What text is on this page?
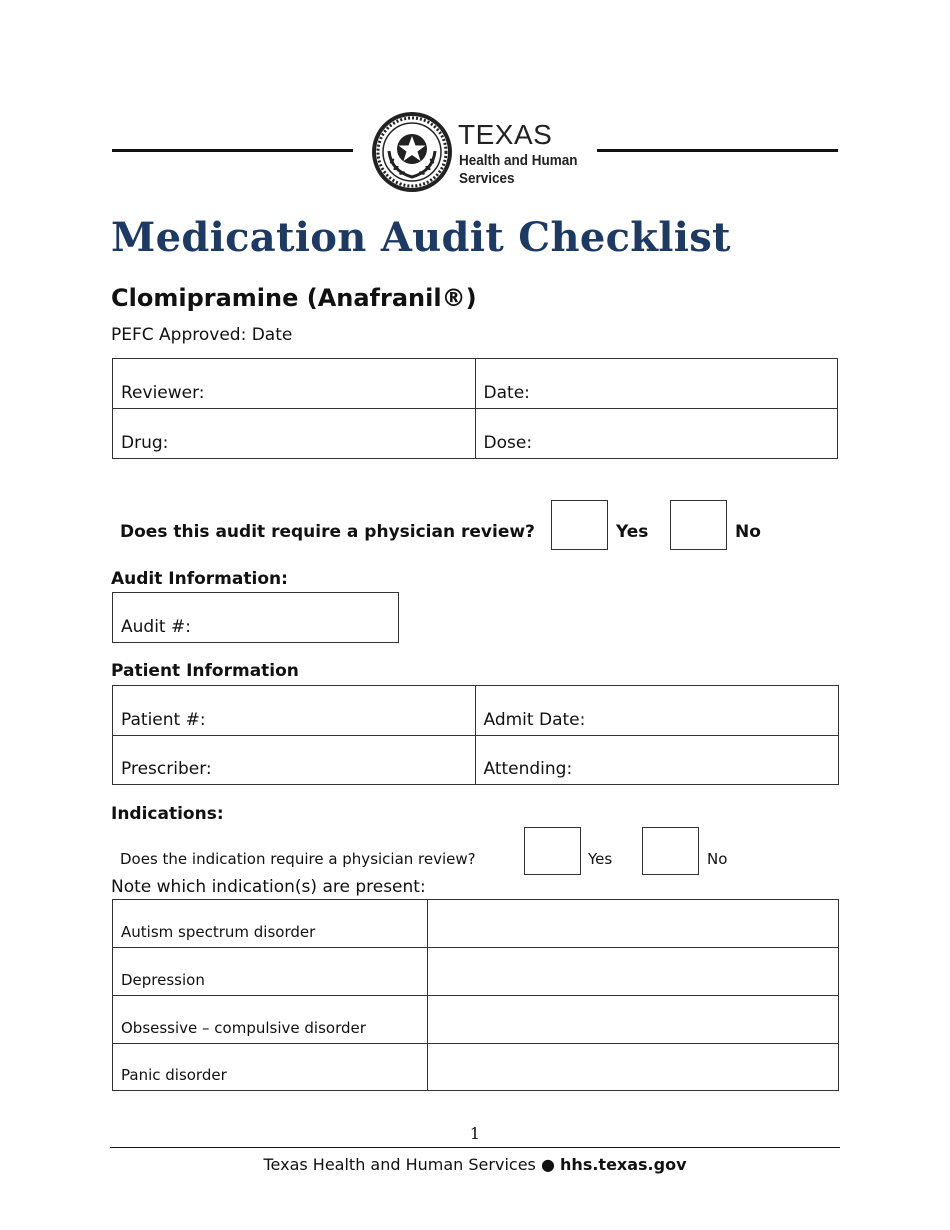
TEXAS
Health and Human
Services
Medication Audit Checklist
Clomipramine (Anafranil®)
PEFC Approved: Date
Reviewer:	Date:
Drug:	Dose:
Does this audit require a physician review?	Yes	No
Audit Information:
Audit #:
Patient Information
Patient #:	Admit Date:
Prescriber:	Attending:
Indications:
Does the indication require a physician review?	Yes	No
Note which indication(s) are present:
Autism spectrum disorder	
Depression	
Obsessive – compulsive disorder	
Panic disorder	
1
Texas Health and Human Services ● hhs.texas.gov
